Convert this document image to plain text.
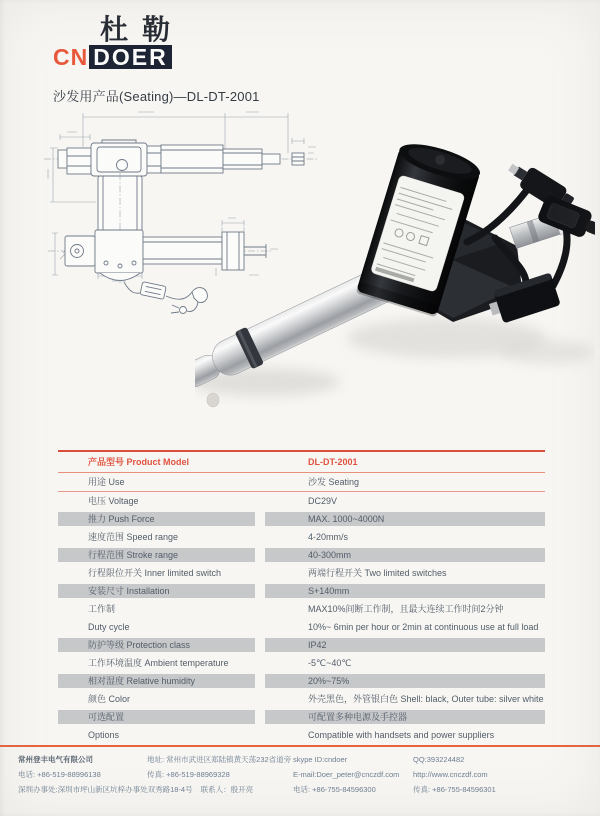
杜勒
CN DOER
沙发用产品(Seating)—DL-DT-2001
产品型号 Product Model	DL-DT-2001
用途 Use	沙发 Seating
电压 Voltage	DC29V
推力 Push Force	MAX. 1000~4000N
速度范围 Speed range	4-20mm/s
行程范围 Stroke range	40-300mm
行程限位开关 Inner limited switch	两端行程开关 Two limited switches
安装尺寸 Installation	S+140mm
工作制	MAX10%间断工作制，且最大连续工作时间2分钟
Duty cycle	10%~ 6min per hour or 2min at continuous use at full load
防护等级 Protection class	IP42
工作环境温度 Ambient temperature	-5℃~40℃
相对湿度 Relative humidity	20%~75%
颜色 Color	外壳黑色，外管银白色 Shell: black, Outer tube: silver white
可选配置	可配置多种电源及手控器
Options	Compatible with handsets and power suppliers
常州登丰电气有限公司	地址: 常州市武进区郑陆镇黄天荡232省道旁 skype ID:cndoer	QQ:393224482
电话: +86-519-88996138	传真: +86-519-88969328	E-mail:Doer_peter@cnczdf.com	http://www.cnczdf.com
深圳办事处:深圳市坪山新区坑梓办事处双秀路18-4号 联系人：殷开亮	电话: +86-755-84596300	传真: +86-755-84596301
